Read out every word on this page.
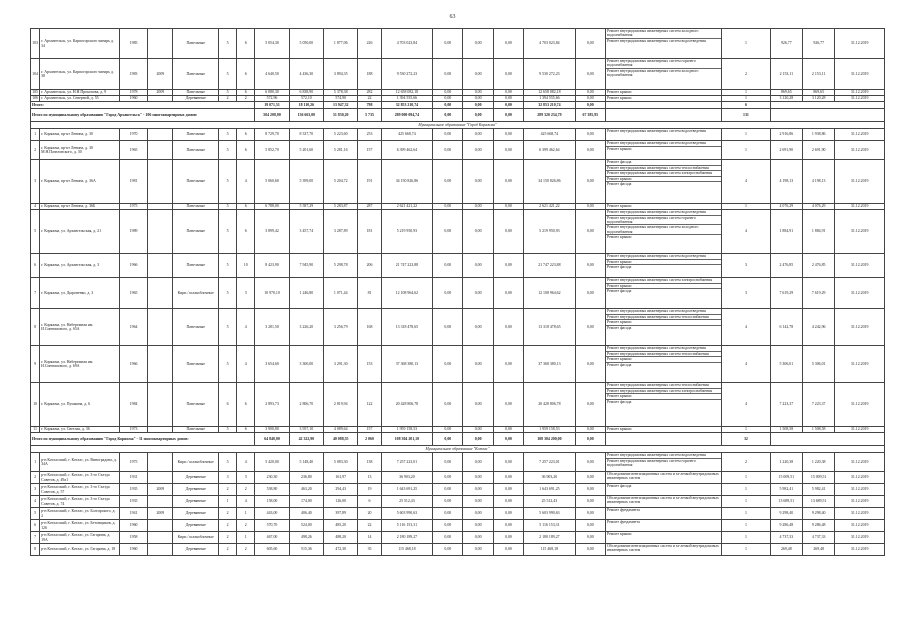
63
103	г. Архангельск, ул. Карпогорского чинарь д. 34	1985		Панельные	5	6	5 054,30	5 050,00	1 877,06	226	4 703 023,84	0,00	0,00	0,00	4 703 023,84	0,00	Ремонт внутридомовых инженерных систем холодного водоснабжения
Ремонт внутридомовых инженерных систем водоотведения	1	926,77	926,77	31.12.2019
104	г. Архангельск, ул. Карпогорского чинарь д. 38	1983	2009	Панельные	5	6	4 640,50	4 436,30	3 894,35	188	9 530 272,23	0,00	0,00	0,00	9 530 272,23	0,00	Ремонт внутридомовых инженерных систем горячего водоснабжения
Ремонт внутридомовых инженерных систем холодного водоснабжения	2	2 153,11	2 153,11	31.12.2019
105	г. Архангельск, ул. Н.Н.Прокопова, д. 9	1978	2009	Панельные	5	6	6 080,30	6 838,90	5 378,38	282	12 658 082,18	0,00	0,00	0,00	12 658 082,18	0,00	Ремонт крыши	1	869,65	869,65	31.12.2019
106	г. Архангельск, ул. Северной, д. 55	1960		Деревянные	2	2	572,96	572,10	574,90	22	1 394 555,66	0,00	0,00	0,00	1 394 555,66	0,00	Ремонт крыши	1	3 120,28	3 120,28	31.12.2019
Итого:							19 071,51	18 110,26	13 947,32	798	32 853 210,74	0,00	0,00	0,00	32 853 210,74	0,00		6			
Итого по муниципальному образованию "Город Архангельск" - 106 многоквартирных домов:							504 208,00	136 663,00	51 830,20	5 735	289 000 094,74	0,00	0,00	0,00	289 320 234,79	67 385,95		131			
Муниципальное образование "Город Коряжма"																					
1	г. Коряжма, пр-кт Ленина, д. 30	1970		Панельные	5	6	8 729,70	8 337,70	5 223,60	253	425 668,74	0,00	0,00	0,00	425 668,74	0,00	Ремонт внутридомовых инженерных систем водоотведения	1	2 916,86	1 938,86	31.12.2019
2	г. Коряжма, пр-кт Ленина, д. 30 М.Н.Пачеловского, д. 30	1965		Панельные	5	6	5 852,70	5 201,60	5 281,16	157	6 399 462,64	0,00	0,00	0,00	6 399 462,64	0,00	Ремонт внутридомовых инженерных систем водоотведения
Ремонт крыши	1	2 691,90	2 691,90	31.12.2019
3	г. Коряжма, пр-кт Ленина, д. 36А	1981		Панельные	5	4	5 060,60	5 399,00	5 204,72	191	34 150 826,86	0,00	0,00	0,00	34 150 826,86	0,00	Ремонт фасада
Ремонт внутридомовых инженерных систем теплоснабжения
Ремонт внутридомовых инженерных систем электроснабжения
Ремонт крыши
Ремонт фасада	4	4 198,13	4 198,13	31.12.2019
4	г. Коряжма, пр-кт Ленина, д. 36Б	1975		Панельные	5	6	6 788,00	5 587,29	5 283,87	287	2 621 421,22	0,00	0,00	0,00	2 621 421,22	0,00	Ремонт крыши	1	4 076,29	4 076,29	31.12.2019
5	г. Коряжма, ул. Архангельская, д. 21	1989		Панельные	5	6	3 899,42	3 457,74	3 287,89	181	5 219 950,93	0,00	0,00	0,00	5 219 950,93	0,00	Ремонт внутридомовых инженерных систем водоотведения
Ремонт внутридомовых инженерных систем горячего водоснабжения
Ремонт внутридомовых инженерных систем холодного водоснабжения
Ремонт крыши	4	1 884,91	1 884,91	31.12.2019
6	г. Коряжма, ул. Архангельская, д. 3	1966		Панельные	5	10	8 423,90	7 945,90	5 298,78	206	21 747 223,88	0,00	0,00	0,00	21 747 223,88	0,00	Ремонт внутридомовых инженерных систем водоотведения
Ремонт крыши
Ремонт фасада	3	2 476,85	2 476,85	31.12.2019
7	г. Коряжма, ул. Дыроненко, д. 3	1965		Кирп./ шлакоблочные	5	3	10 970,10	1 246,80	1 071,44	81	12 108 964,62	0,00	0,00	0,00	12 108 964,62	0,00	Ремонт внутридомовых инженерных систем электроснабжения
Ремонт крыши
Ремонт фасада	3	7 619,29	7 619,29	31.12.2019
8	г. Коряжма, ул. Набережная им. И.Синтимового, д. 65А	1964		Панельные	5	4	3 281,50	3 226,20	3 256,79	168	13 318 478,65	0,00	0,00	0,00	13 318 478,65	0,00	Ремонт внутридомовых инженерных систем водоотведения
Ремонт внутридомовых инженерных систем теплоснабжения
Ремонт крыши
Ремонт фасада	4	6 142,78	4 242,96	31.12.2019
9	г. Коряжма, ул. Набережная им. И.Синтимового, д. 69А	1966		Панельные	5	4	3 654,60	3 300,00	3 291,30	153	37 368 380,13	0,00	0,00	0,00	37 368 380,13	0,00	Ремонт внутридомовых инженерных систем водоотведения
Ремонт внутридомовых инженерных систем теплоснабжения
Ремонт крыши
Ремонт фасада	4	5 306,01	5 306,01	31.12.2019
10	г. Коряжма, ул. Пушкина, д. 6	1984		Панельные	6	6	2 893,73	2 806,70	2 819,94	122	20 428 806,78	0,00	0,00	0,00	20 428 806,78	0,00	Ремонт внутридомовых инженерных систем теплоснабжения
Ремонт внутридомовых инженерных систем электроснабжения
Ремонт крыши
Ремонт фасада	4	7 223,37	7 223,37	31.12.2019
11	г. Коряжма, ул. Светлая, д. 36	1973		Панельные	5	6	3 900,80	3 957,10	4 089,64	157	1 959 158,53	0,00	0,00	0,00	1 959 158,53	0,00	Ремонт крыши	1	1 508,58	1 508,58	31.12.2019
Итого по муниципальному образованию "Город Коряжма" - 11 многоквартирных домов:							64 840,00	42 322,90	40 088,55	2 060	108 304 201,10	0,00	0,00	0,00	108 304 200,00	0,00		32			
Муниципальное образование "Котлас"																					
1	р-н Котласский, г. Котлас, ул. Виноградова, д. 34А	1975		Кирп./ шлакоблочные	5	4	5 420,00	5 148,40	5 083,30	138	7 257 223,01	0,00	0,00	0,00	7 257 223,01	0,00	Ремонт внутридомовых инженерных систем водоотведения
Ремонт внутридомовых инженерных систем горячего водоснабжения	2	1 220,38	1 220,38	31.12.2019
2	р-н Котласский, г. Котлас, ул. 3-го Съезда Советов, д. 49а1	1931		Деревянные	3	3	230,30	236,80	161,97	13	36 903,20	0,00	0,00	0,00	36 903,20	0,00	Обследование вентиляционных систем и за-лечкой внутридомовых инженерных систем	1	15 009,51	15 009,51	31.12.2019
3	р-н Котласский, г. Котлас, ул. 3-го Съезда Советов, д. 57	1935	2009	Деревянные	2	2	538,80	463,20	294,43	19	1 643 691,25	0,00	0,00	0,00	1 643 691,25	0,00	Ремонт фасада	1	5 982,41	5 982,41	31.12.2019
4	р-н Котласский, г. Котлас, ул. 3-го Съезда Советов, д. 74	1935		Деревянные	1	4	158,00	174,00	126,00	6	25 512,43	0,00	0,00	0,00	25 512,43	0,00	Обследование вентиляционных систем и за-лечкой внутридомовых инженерных систем	1	13 689,51	13 689,51	31.12.2019
5	р-н Котласский, г. Котлас, ул. Болгарского, д. 2	1941	2009	Деревянные	2	1	443,00	406,40	397,89	20	5 603 990,63	0,00	0,00	0,00	5 603 990,63	0,00	Ремонт фундамента	1	9 298,40	9 298,40	31.12.2019
6	р-н Котласский, г. Котлас, ул. Бетонщиков, д. 126	1960		Деревянные	2	2	570,70	524,00	485,20	22	5 116 153,31	0,00	0,00	0,00	5 116 153,31	0,00	Ремонт фундамента	1	9 286,48	9 286,48	31.12.2019
7	р-н Котласский, г. Котлас, ул. Гагарина, д. 19А	1958		Кирп./ шлакоблочные	2	1	467,00	498,26	488,20	14	2 180 189,27	0,00	0,00	0,00	2 180 189,27	0,00	Ремонт крыши	1	4 737,33	4 737,33	31.12.2019
8	р-н Котласский, г. Котлас, ул. Гагарина, д. 18	1960		Деревянные	2	2	605,60	515,36	472,30	35	115 468,18	0,00	0,00	0,00	115 468,18	0,00	Обследование вентиляционных систем и за-лечкой внутридомовых инженерных систем	1	269,48	269,48	31.12.2019
